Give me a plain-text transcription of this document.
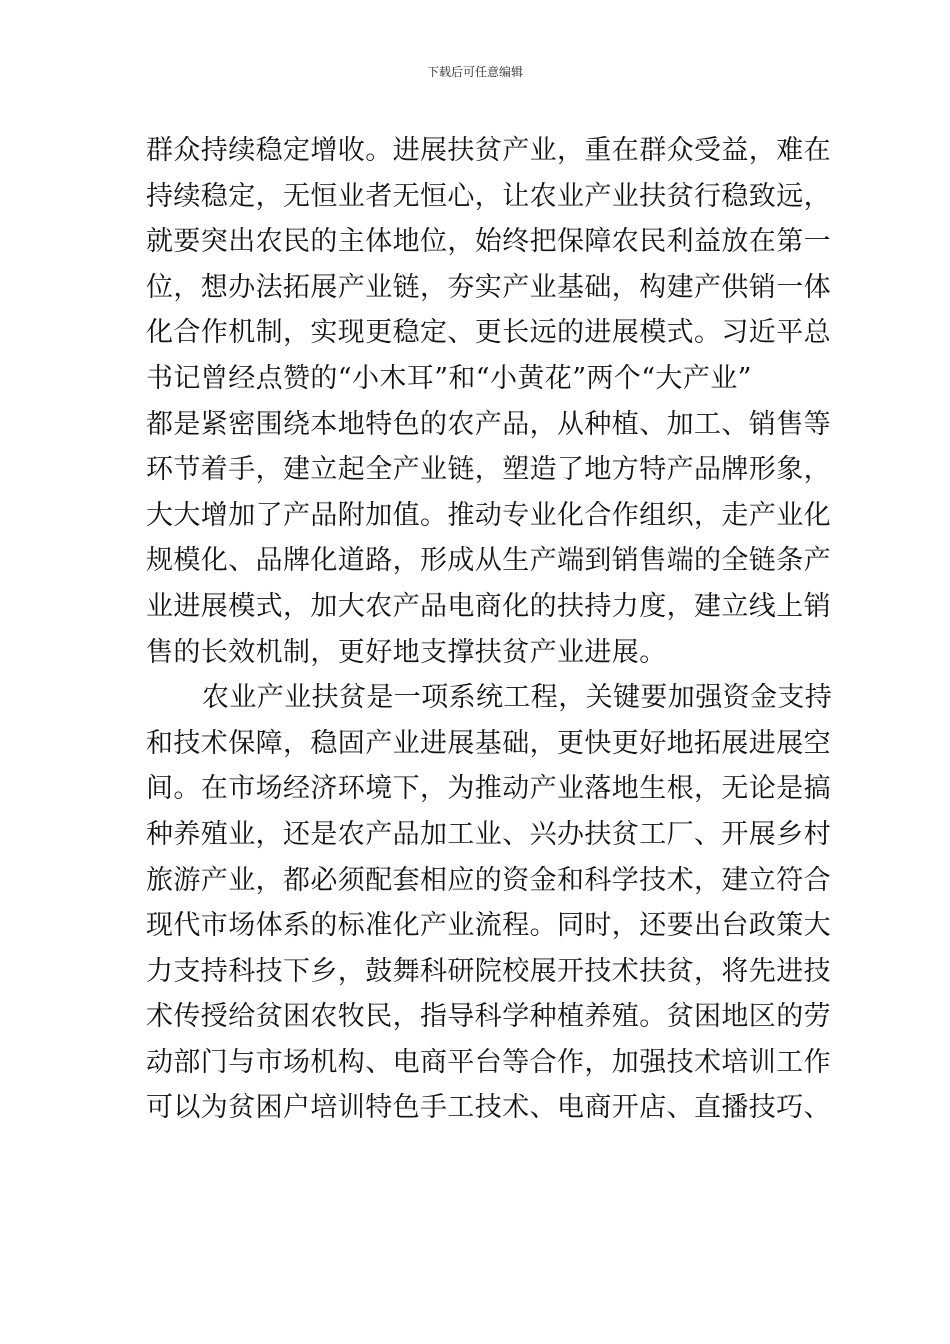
下载后可任意编辑
群众持续稳定增收。进展扶贫产业，重在群众受益，难在
持续稳定，无恒业者无恒心，让农业产业扶贫行稳致远，
就要突出农民的主体地位，始终把保障农民利益放在第一
位，想办法拓展产业链，夯实产业基础，构建产供销一体
化合作机制，实现更稳定、更长远的进展模式。习近平总
书记曾经点赞的“小木耳”和“小黄花”两个“大产业”
都是紧密围绕本地特色的农产品，从种植、加工、销售等
环节着手，建立起全产业链，塑造了地方特产品牌形象，
大大增加了产品附加值。推动专业化合作组织，走产业化
规模化、品牌化道路，形成从生产端到销售端的全链条产
业进展模式，加大农产品电商化的扶持力度，建立线上销
售的长效机制，更好地支撑扶贫产业进展。
农业产业扶贫是一项系统工程，关键要加强资金支持
和技术保障，稳固产业进展基础，更快更好地拓展进展空
间。在市场经济环境下，为推动产业落地生根，无论是搞
种养殖业，还是农产品加工业、兴办扶贫工厂、开展乡村
旅游产业，都必须配套相应的资金和科学技术，建立符合
现代市场体系的标准化产业流程。同时，还要出台政策大
力支持科技下乡，鼓舞科研院校展开技术扶贫，将先进技
术传授给贫困农牧民，指导科学种植养殖。贫困地区的劳
动部门与市场机构、电商平台等合作，加强技术培训工作
可以为贫困户培训特色手工技术、电商开店、直播技巧、
